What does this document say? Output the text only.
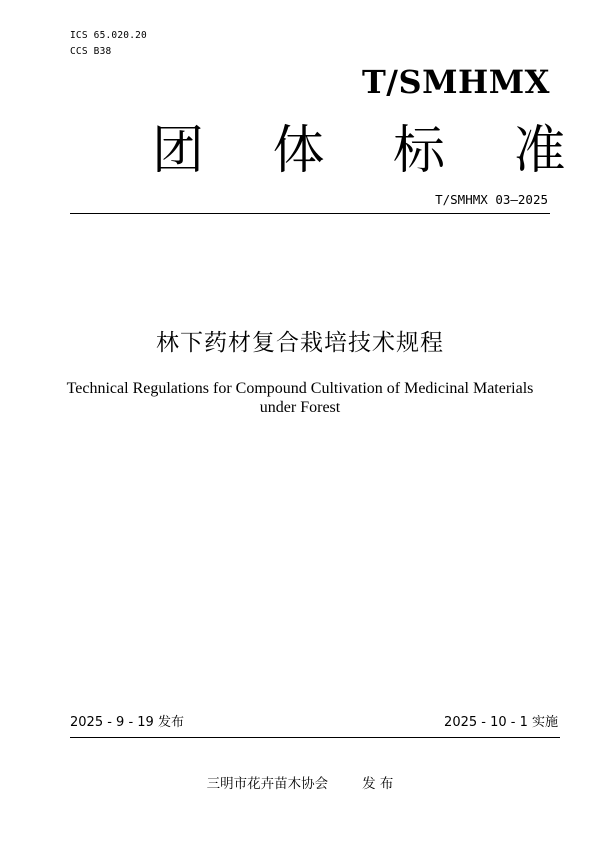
ICS 65.020.20
CCS B38
T/SMHMX
团 体 标 准
T/SMHMX 03—2025
林下药材复合栽培技术规程
Technical Regulations for Compound Cultivation of Medicinal Materials under Forest
2025 - 9 - 19 发布	2025 - 10 - 1 实施
三明市花卉苗木协会	发 布
